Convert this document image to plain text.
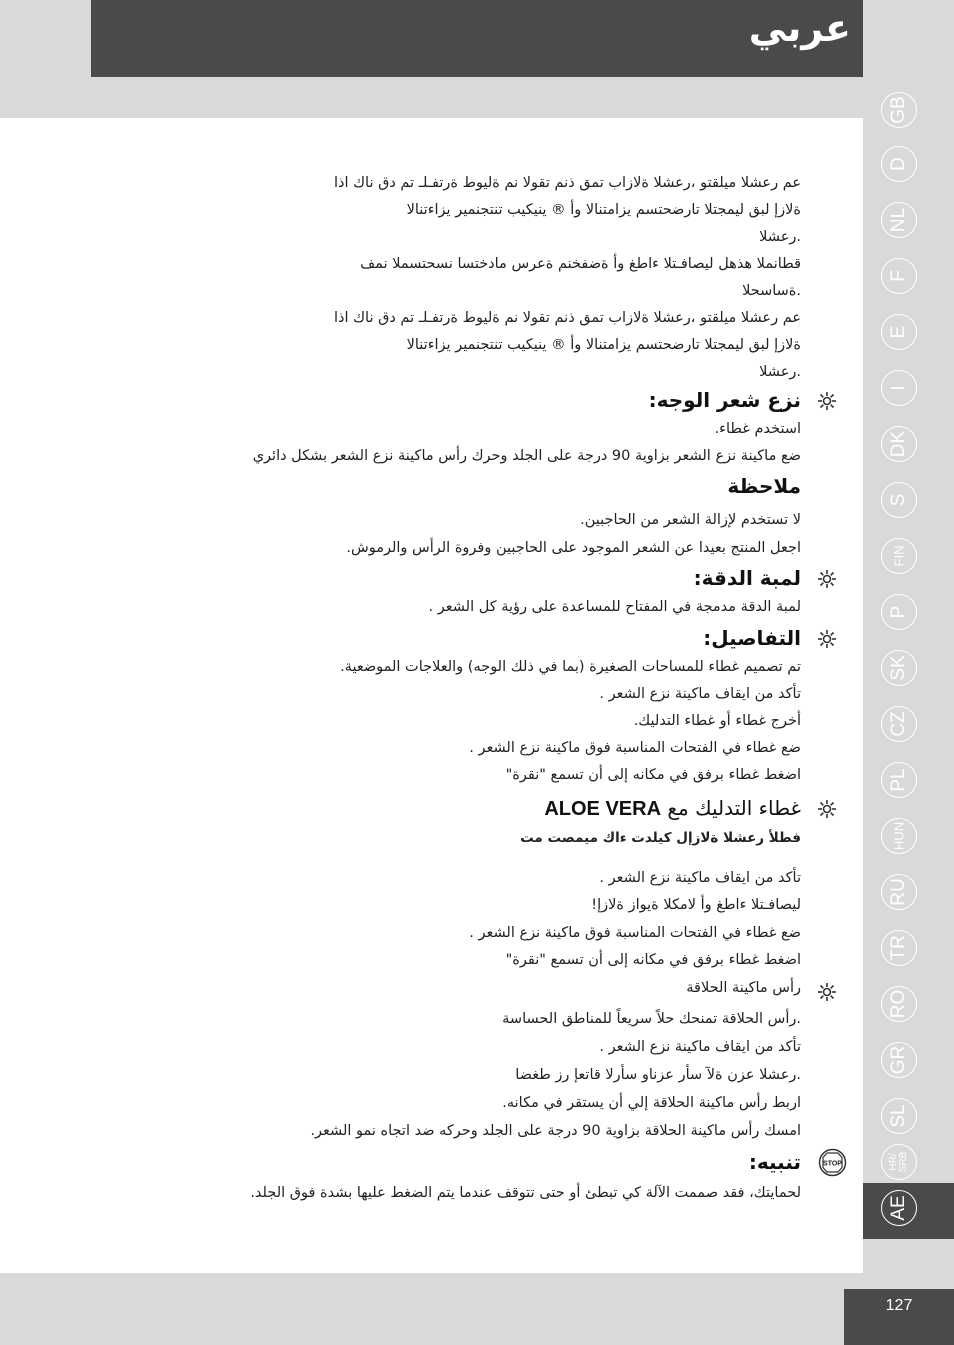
عربي
127
GB
D
NL
F
E
I
DK
S
FIN
P
SK
CZ
PL
HUN
RU
TR
RO
GR
SL
HR/
SRB
AE
عم رعشلا ميلقتو ،رعشلا ةلازاب تمق ذنم تقولا نم ةليوط ةرتفـلـ تم دق ناك اذا
ةلازإ لبق ليمجتلا تارضحتسم يزامتنالا وأ ® ينيكيب تنتجنمير يزاءتنالا
.رعشلا
قطانملا هذهل ليصافـتلا ءاطغ وأ ةضفخنم ةعرس مادختسا نسحتسملا نمف
.ةساسحلا
عم رعشلا ميلقتو ،رعشلا ةلازاب تمق ذنم تقولا نم ةليوط ةرتفـلـ تم دق ناك اذا
ةلازإ لبق ليمجتلا تارضحتسم يزامتنالا وأ ® ينيكيب تنتجنمير يزاءتنالا
.رعشلا
نزع شعر الوجه:
استخدم غطاء.
ضع ماكينة نزع الشعر بزاوية 90 درجة على الجلد وحرك رأس ماكينة نزع الشعر بشكل دائري
ملاحظة
لا تستخدم لإزالة الشعر من الحاجبين.
اجعل المنتج بعيدا عن الشعر الموجود على الحاجبين وفروة الرأس والرموش.
لمبة الدقة:
لمبة الدقة مدمجة في المفتاح للمساعدة على رؤية كل الشعر .
التفاصيل:
تم تصميم غطاء للمساحات الصغيرة (بما في ذلك الوجه) والعلاجات الموضعية.
تأكد من ايقاف ماكينة نزع الشعر .
أخرج غطاء أو غطاء التدليك.
ضع غطاء في الفتحات المناسبة فوق ماكينة نزع الشعر .
اضغط غطاء برفق في مكانه إلى أن تسمع "نقرة"
غطاء التدليك مع ALOE VERA
فطلأ رعشلا ةلازإل كيلدت ءاك ميمصت مت
تأكد من ايقاف ماكينة نزع الشعر .
ليصافـتلا ءاطغ وأ لامكلا ةيواز ةلازإ!
ضع غطاء في الفتحات المناسبة فوق ماكينة نزع الشعر .
اضغط غطاء برفق في مكانه إلى أن تسمع "نقرة"
رأس ماكينة الحلاقة
.رأس الحلاقة تمنحك حلاً سريعاً للمناطق الحساسة
تأكد من ايقاف ماكينة نزع الشعر .
.رعشلا عزن ةلآ سأر عزناو سأرلا قاتعإ رز طغضا
اربط رأس ماكينة الحلاقة إلي أن يستقر في مكانه.
امسك رأس ماكينة الحلاقة بزاوية 90 درجة على الجلد وحركه ضد اتجاه نمو الشعر.
STOP
تنبيه:
لحمايتك، فقد صممت الآلة كي تبطئ أو حتى تتوقف عندما يتم الضغط عليها بشدة فوق الجلد.
